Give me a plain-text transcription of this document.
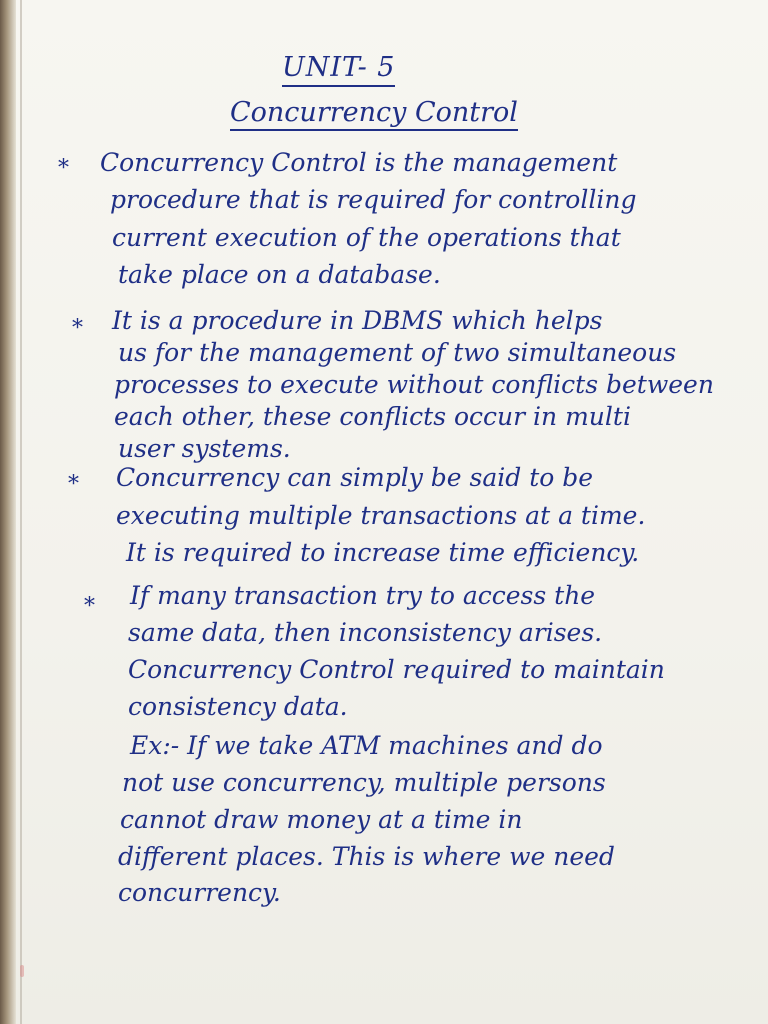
UNIT- 5
Concurrency Control
*
*
*
*
Concurrency Control is the management
procedure that is required for controlling
current execution of the operations that
take place on a database.
It is a procedure in DBMS which helps
us for the management of two simultaneous
processes to execute without conflicts between
each other, these conflicts occur in multi
user systems.
Concurrency can simply be said to be
executing multiple transactions at a time.
It is required to increase time efficiency.
If many transaction try to access the
same data, then inconsistency arises.
Concurrency Control required to maintain
consistency data.
Ex:- If we take ATM machines and do
not use concurrency, multiple persons
cannot draw money at a time in
different places. This is where we need
concurrency.
